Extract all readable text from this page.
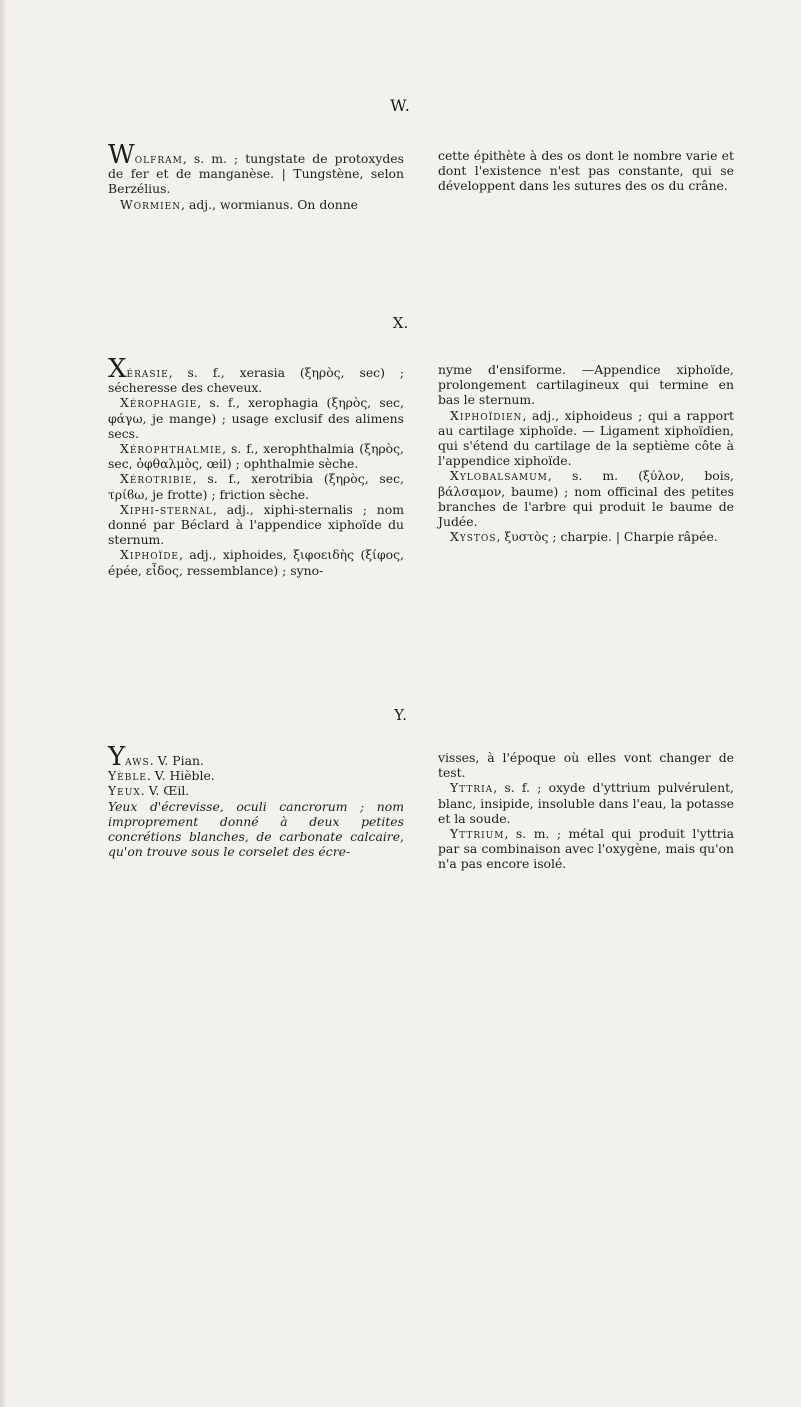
W.

Wolfram, s. m. ; tungstate de protoxydes de fer et de manganèse. | Tungstène, selon Berzélius.

Wormien, adj., wormianus. On donne

cette épithète à des os dont le nombre varie et dont l'existence n'est pas constante, qui se développent dans les sutures des os du crâne.

X.

Xérasie, s. f., xerasia (ξηρὸς, sec) ; sécheresse des cheveux.

Xérophagie, s. f., xerophagia (ξηρὸς, sec, φάγω, je mange) ; usage exclusif des alimens secs.

Xérophthalmie, s. f., xerophthalmia (ξηρὸς, sec, ὀφθαλμὸς, œil) ; ophthalmie sèche.

Xérotribie, s. f., xerotribia (ξηρὸς, sec, τρίϐω, je frotte) ; friction sèche.

Xiphi-sternal, adj., xiphi-sternalis ; nom donné par Béclard à l'appendice xiphoïde du sternum.

Xiphoïde, adj., xiphoides, ξιφοειδὴς (ξίφος, épée, εἶδος, ressemblance) ; syno-

nyme d'ensiforme. —Appendice xiphoïde, prolongement cartilagineux qui termine en bas le sternum.

Xiphoïdien, adj., xiphoideus ; qui a rapport au cartilage xiphoïde. — Ligament xiphoïdien, qui s'étend du cartilage de la septième côte à l'appendice xiphoïde.

Xylobalsamum, s. m. (ξύλον, bois, βάλσαμον, baume) ; nom officinal des petites branches de l'arbre qui produit le baume de Judée.

Xystos, ξυστὸς ; charpie. | Charpie râpée.

Y.

Yaws. V. Pian.

Yèble. V. Hièble.

Yeux. V. Œil.

Yeux d'écrevisse, oculi cancrorum ; nom improprement donné à deux petites concrétions blanches, de carbonate calcaire, qu'on trouve sous le corselet des écre-

visses, à l'époque où elles vont changer de test.

Yttria, s. f. ; oxyde d'yttrium pulvérulent, blanc, insipide, insoluble dans l'eau, la potasse et la soude.

Yttrium, s. m. ; métal qui produit l'yttria par sa combinaison avec l'oxygène, mais qu'on n'a pas encore isolé.
